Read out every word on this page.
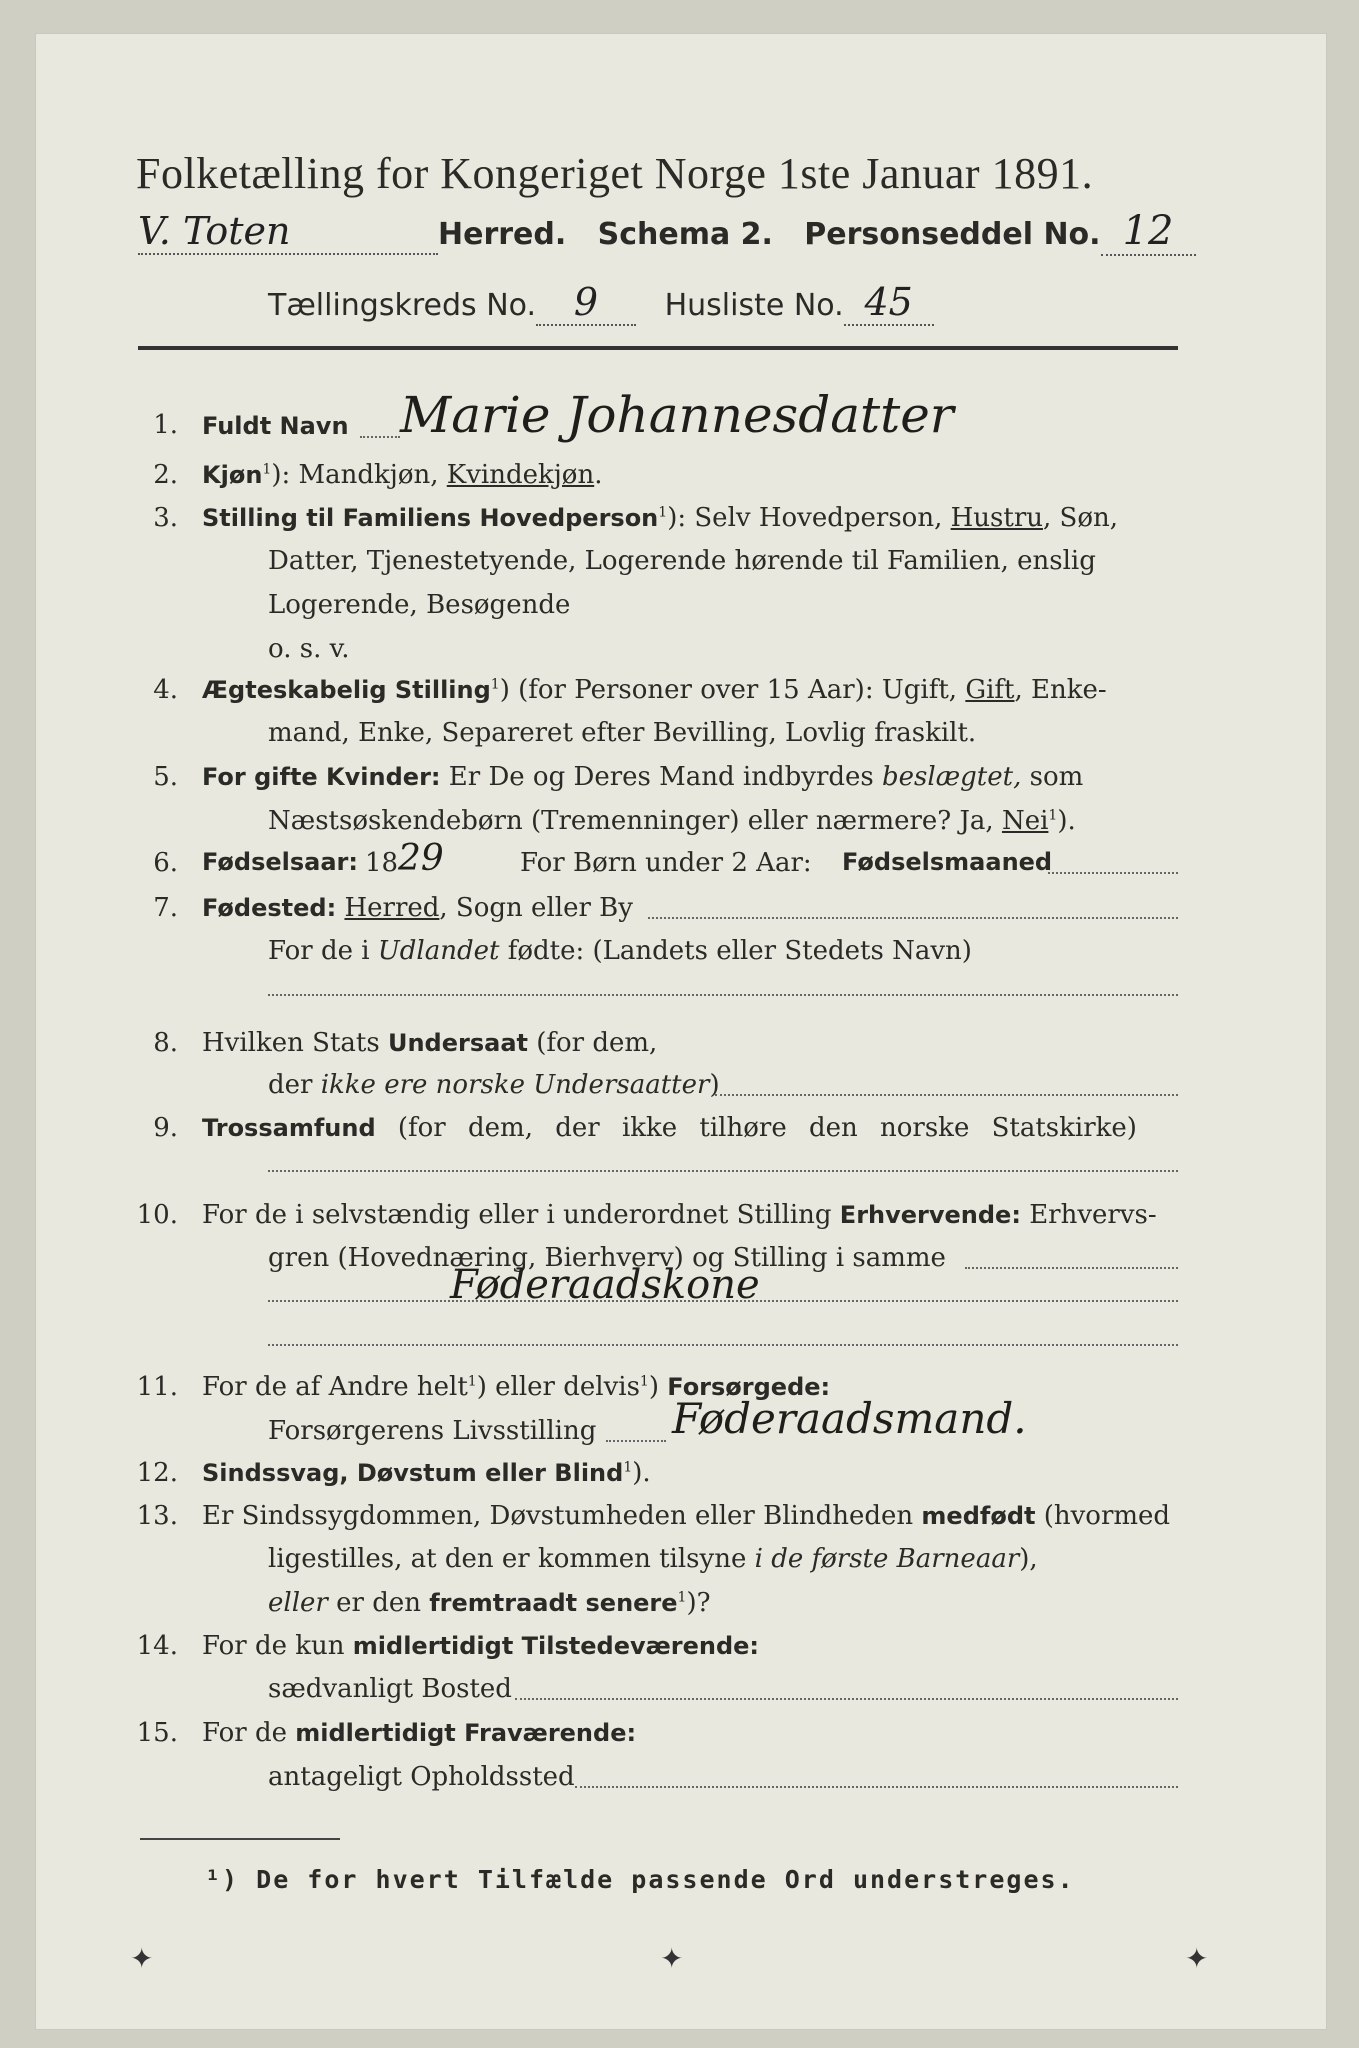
Folketælling for Kongeriget Norge 1ste Januar 1891.
V. Toten	Herred. Schema 2. Personseddel No. 12
Tællingskreds No. 9 Husliste No. 45
1. Fuldt Navn Marie Johannesdatter
2. Kjøn$^1$): Mandkjøn, Kvindekjøn.
3. Stilling til Familiens Hovedperson$^1$): Selv Hovedperson, Hustru, Søn,
Datter, Tjenestetyende, Logerende hørende til Familien, enslig
Logerende, Besøgende
o. s. v.
4. Ægteskabelig Stilling$^1$) (for Personer over 15 Aar): Ugift, Gift, Enke-
mand, Enke, Separeret efter Bevilling, Lovlig fraskilt.
5. For gifte Kvinder: Er De og Deres Mand indbyrdes beslægtet, som
Næstsøskendebørn (Tremenninger) eller nærmere? Ja, Nei$^1$).
6. Fødselsaar: 18 29	For Børn under 2 Aar: Fødselsmaaned
7. Fødested: Herred, Sogn eller By
For de i Udlandet fødte: (Landets eller Stedets Navn)
8. Hvilken Stats Undersaat (for dem,
der ikke ere norske Undersaatter)
9. Trossamfund (for dem, der ikke tilhøre den norske Statskirke)
10. For de i selvstændig eller i underordnet Stilling Erhvervende: Erhvervs-
gren (Hovednæring, Bierhverv) og Stilling i samme
Føderaadskone
11. For de af Andre helt$^1$) eller delvis$^1$) Forsørgede:
Forsørgerens Livsstilling Føderaadsmand.
12. Sindssvag, Døvstum eller Blind$^1$).
13. Er Sindssygdommen, Døvstumheden eller Blindheden medfødt (hvormed
ligestilles, at den er kommen tilsyne i de første Barneaar),
eller er den fremtraadt senere$^1$)?
14. For de kun midlertidigt Tilstedeværende:
sædvanligt Bosted
15. For de midlertidigt Fraværende:
antageligt Opholdssted
¹) De for hvert Tilfælde passende Ord understreges.
✦	✦	✦
